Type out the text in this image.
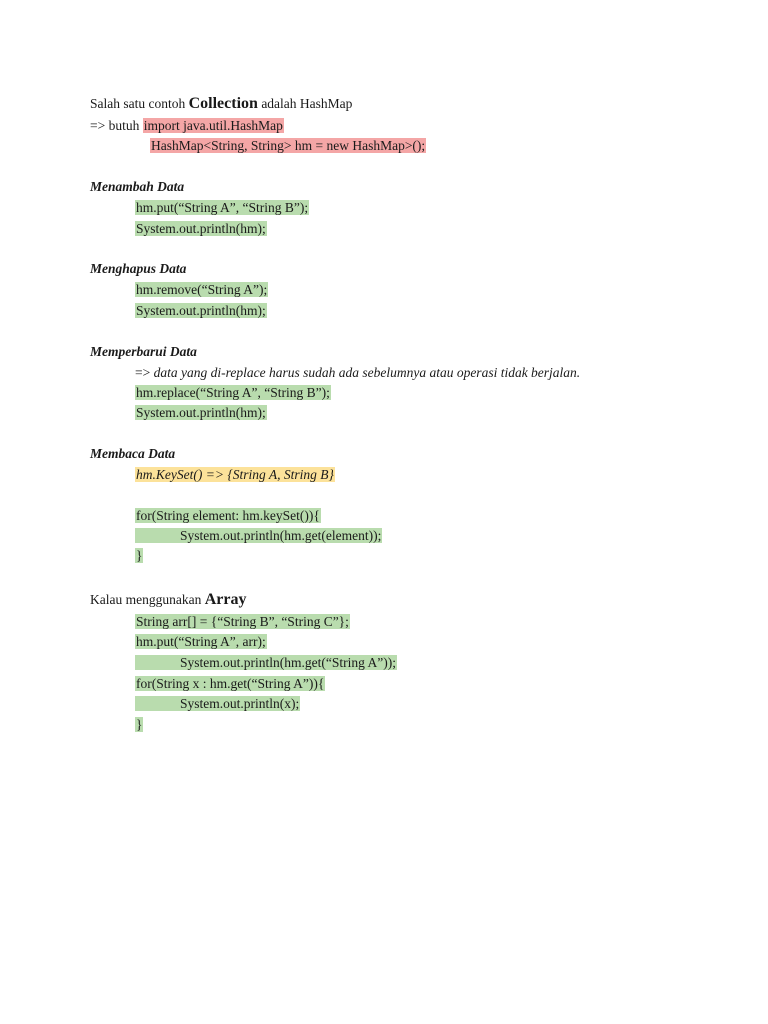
Salah satu contoh Collection adalah HashMap
=> butuh import java.util.HashMap
HashMap<String, String> hm = new HashMap>();
Menambah Data
hm.put(“String A”, “String B”);
System.out.println(hm);
Menghapus Data
hm.remove(“String A”);
System.out.println(hm);
Memperbarui Data
=> data yang di-replace harus sudah ada sebelumnya atau operasi tidak berjalan.
hm.replace(“String A”, “String B”);
System.out.println(hm);
Membaca Data
hm.KeySet() => {String A, String B}
for(String element: hm.keySet()){
System.out.println(hm.get(element));
}
Kalau menggunakan Array
String arr[] = {“String B”, “String C”};
hm.put(“String A”, arr);
System.out.println(hm.get(“String A”));
for(String x : hm.get(“String A”)){
System.out.println(x);
}
